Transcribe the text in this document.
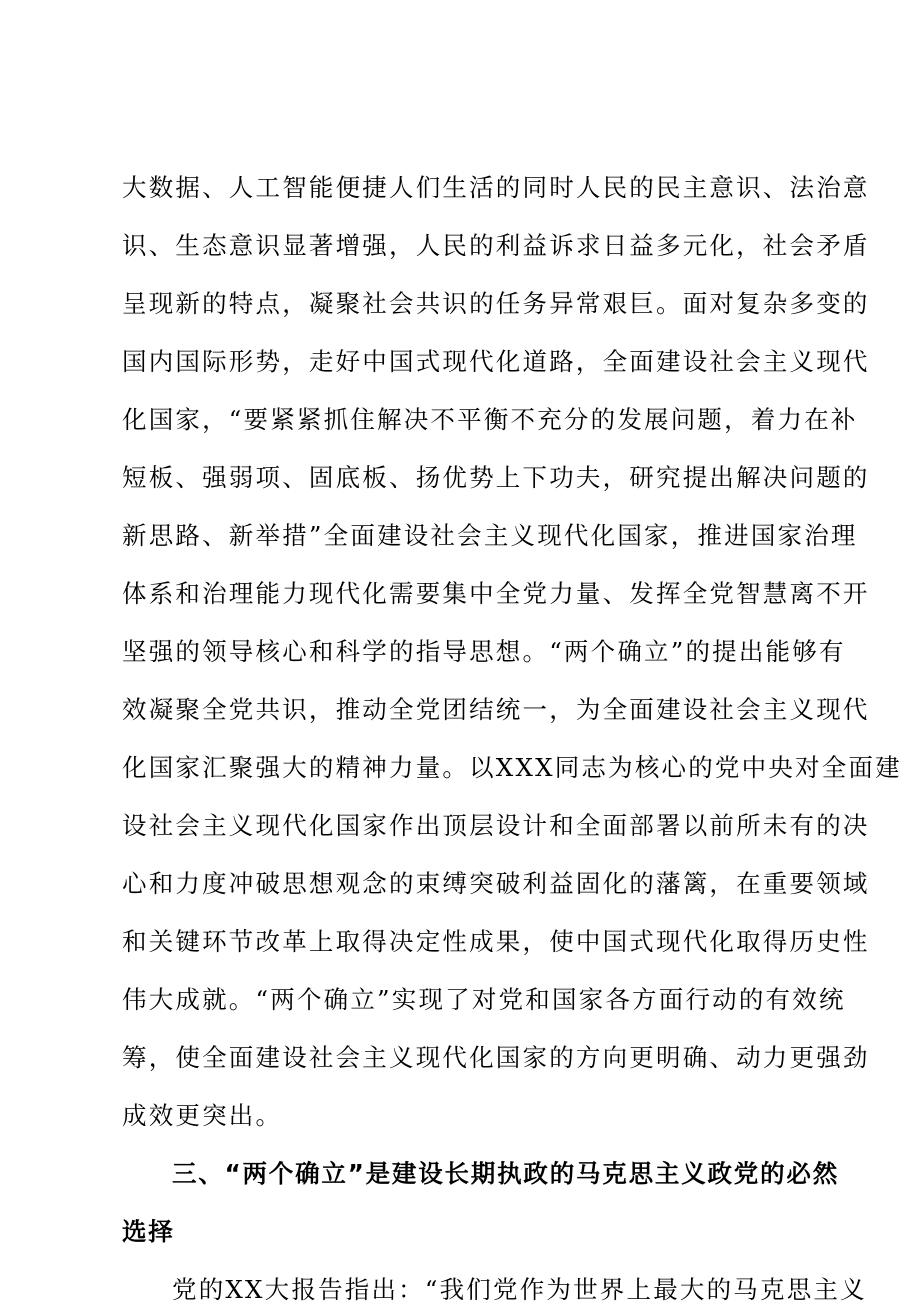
大数据、人工智能便捷人们生活的同时人民的民主意识、法治意
识、生态意识显著增强，人民的利益诉求日益多元化，社会矛盾
呈现新的特点，凝聚社会共识的任务异常艰巨。面对复杂多变的
国内国际形势，走好中国式现代化道路，全面建设社会主义现代
化国家，“要紧紧抓住解决不平衡不充分的发展问题，着力在补
短板、强弱项、固底板、扬优势上下功夫，研究提出解决问题的
新思路、新举措”全面建设社会主义现代化国家，推进国家治理
体系和治理能力现代化需要集中全党力量、发挥全党智慧离不开
坚强的领导核心和科学的指导思想。“两个确立”的提出能够有
效凝聚全党共识，推动全党团结统一，为全面建设社会主义现代
化国家汇聚强大的精神力量。以XXX同志为核心的党中央对全面建
设社会主义现代化国家作出顶层设计和全面部署以前所未有的决
心和力度冲破思想观念的束缚突破利益固化的藩篱，在重要领域
和关键环节改革上取得决定性成果，使中国式现代化取得历史性
伟大成就。“两个确立”实现了对党和国家各方面行动的有效统
筹，使全面建设社会主义现代化国家的方向更明确、动力更强劲
成效更突出。
三、“两个确立”是建设长期执政的马克思主义政党的必然
选择
党的XX大报告指出：“我们党作为世界上最大的马克思主义
